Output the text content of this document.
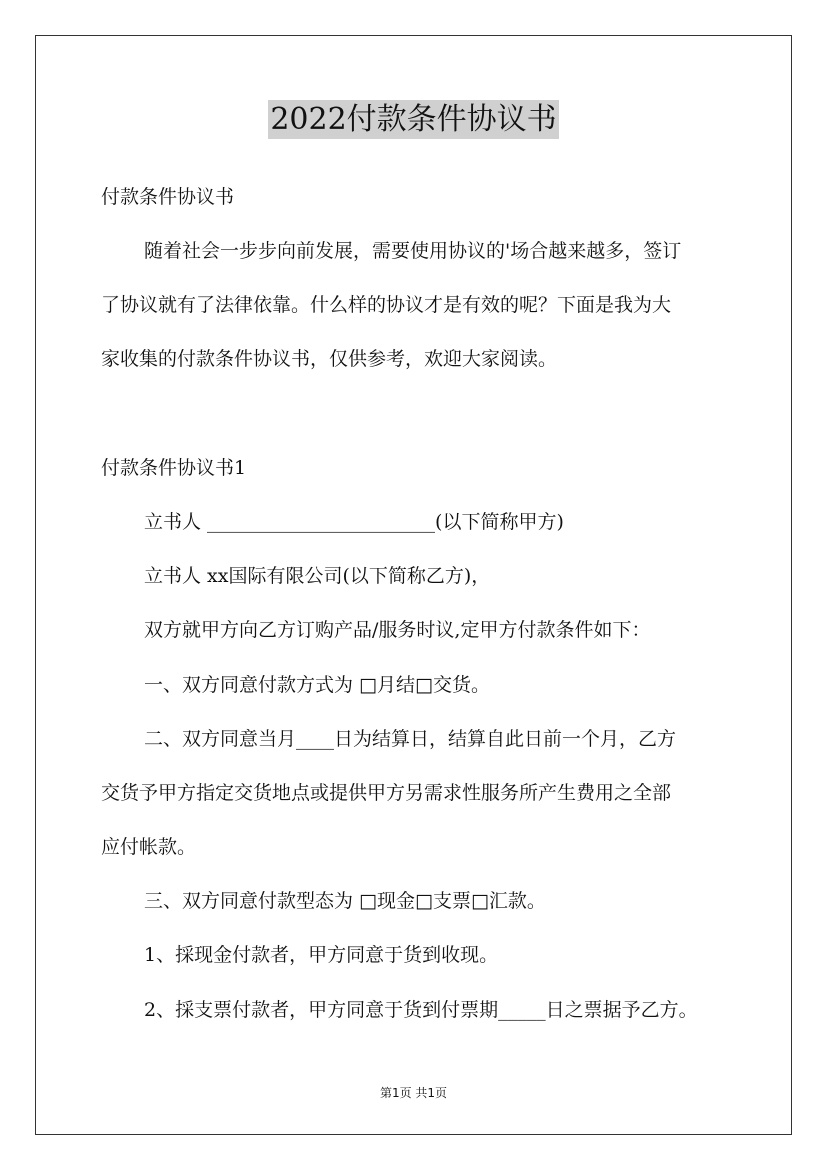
2022付款条件协议书
付款条件协议书
随着社会一步步向前发展，需要使用协议的'场合越来越多，签订
了协议就有了法律依靠。什么样的协议才是有效的呢？下面是我为大
家收集的付款条件协议书，仅供参考，欢迎大家阅读。
付款条件协议书1
立书人 ________________________(以下简称甲方)
立书人 xx国际有限公司(以下简称乙方)，
双方就甲方向乙方订购产品/服务时议,定甲方付款条件如下：
一、双方同意付款方式为 □月结□交货。
二、双方同意当月____日为结算日，结算自此日前一个月，乙方
交货予甲方指定交货地点或提供甲方另需求性服务所产生费用之全部
应付帐款。
三、双方同意付款型态为 □现金□支票□汇款。
1、採现金付款者，甲方同意于货到收现。
2、採支票付款者，甲方同意于货到付票期_____日之票据予乙方。
第1页 共1页
